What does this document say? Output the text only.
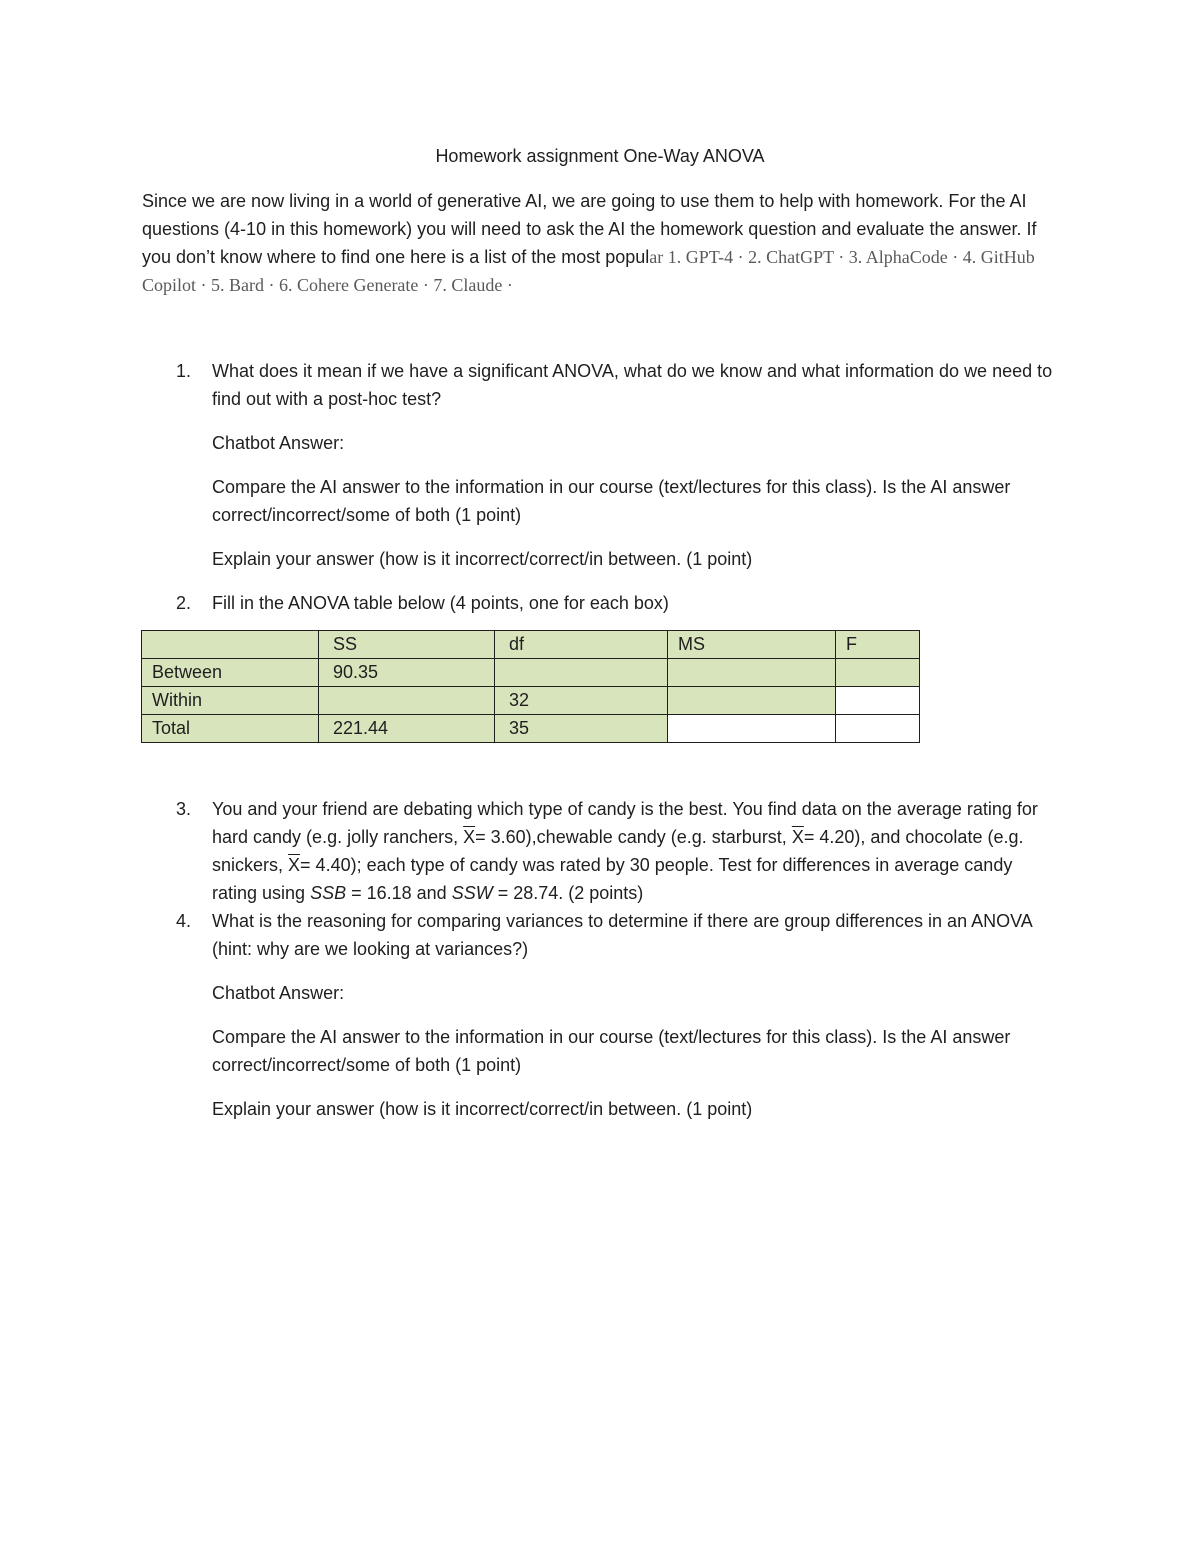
Homework assignment One-Way ANOVA
Since we are now living in a world of generative AI, we are going to use them to help with homework. For the AI questions (4-10 in this homework) you will need to ask the AI the homework question and evaluate the answer. If you don’t know where to find one here is a list of the most popular 1. GPT-4 · 2. ChatGPT · 3. AlphaCode · 4. GitHub Copilot · 5. Bard · 6. Cohere Generate · 7. Claude ·
1.	What does it mean if we have a significant ANOVA, what do we know and what information do we need to find out with a post-hoc test?

Chatbot Answer:

Compare the AI answer to the information in our course (text/lectures for this class). Is the AI answer correct/incorrect/some of both (1 point)

Explain your answer (how is it incorrect/correct/in between. (1 point)

2.	Fill in the ANOVA table below (4 points, one for each box)

	SS	df	MS	F
Between	90.35			
Within		32		
Total	221.44	35		
3.	You and your friend are debating which type of candy is the best. You find data on the average rating for hard candy (e.g. jolly ranchers, $\overline{X}=$ 3.60),chewable candy (e.g. starburst, $\overline{X}= 4.20$), and chocolate (e.g. snickers, $\overline{X}= 4.40$); each type of candy was rated by 30 people. Test for differences in average candy rating using SSB = 16.18 and SSW = 28.74. (2 points)

4.	What is the reasoning for comparing variances to determine if there are group differences in an ANOVA (hint: why are we looking at variances?)

Chatbot Answer:

Compare the AI answer to the information in our course (text/lectures for this class). Is the AI answer correct/incorrect/some of both (1 point)

Explain your answer (how is it incorrect/correct/in between. (1 point)
